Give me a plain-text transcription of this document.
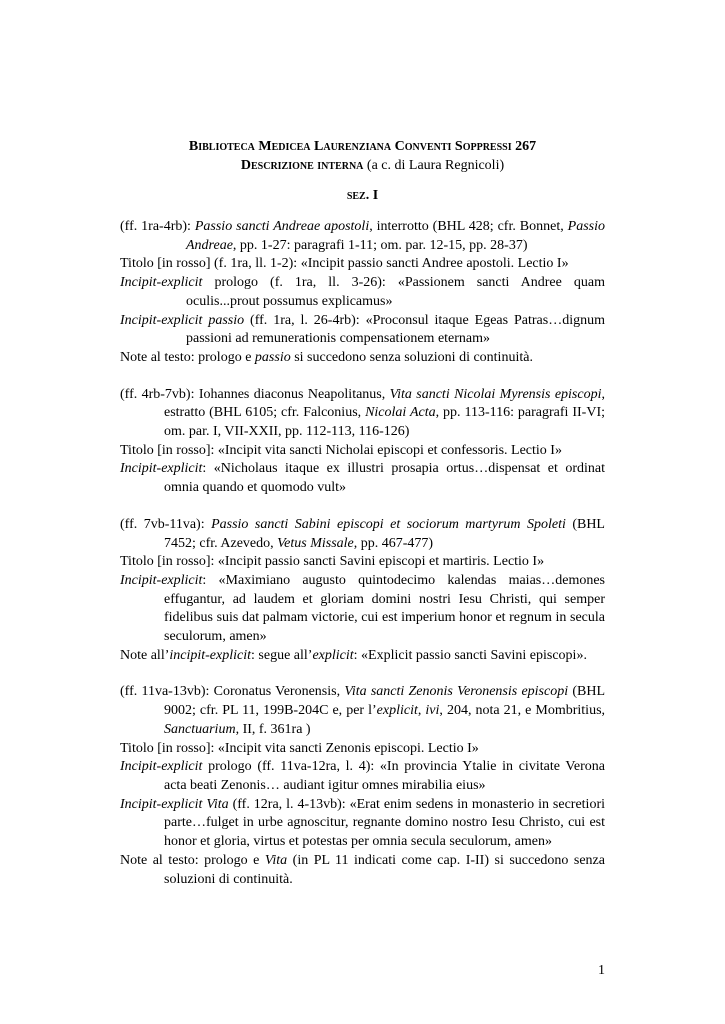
Biblioteca Medicea Laurenziana Conventi Soppressi 267
Descrizione interna (a c. di Laura Regnicoli)
sez. I

(ff. 1ra-4rb): Passio sancti Andreae apostoli, interrotto (BHL 428; cfr. Bonnet, Passio Andreae, pp. 1-27: paragrafi 1-11; om. par. 12-15, pp. 28-37)

Titolo [in rosso] (f. 1ra, ll. 1-2): «Incipit passio sancti Andree apostoli. Lectio I»

Incipit-explicit prologo (f. 1ra, ll. 3-26): «Passionem sancti Andree quam oculis...prout possumus explicamus»

Incipit-explicit passio (ff. 1ra, l. 26-4rb): «Proconsul itaque Egeas Patras…dignum passioni ad remunerationis compensationem eternam»

Note al testo: prologo e passio si succedono senza soluzioni di continuità.

(ff. 4rb-7vb): Iohannes diaconus Neapolitanus, Vita sancti Nicolai Myrensis episcopi, estratto (BHL 6105; cfr. Falconius, Nicolai Acta, pp. 113-116: paragrafi II-VI; om. par. I, VII-XXII, pp. 112-113, 116-126)

Titolo [in rosso]: «Incipit vita sancti Nicholai episcopi et confessoris. Lectio I»

Incipit-explicit: «Nicholaus itaque ex illustri prosapia ortus…dispensat et ordinat omnia quando et quomodo vult»

(ff. 7vb-11va): Passio sancti Sabini episcopi et sociorum martyrum Spoleti (BHL 7452; cfr. Azevedo, Vetus Missale, pp. 467-477)

Titolo [in rosso]: «Incipit passio sancti Savini episcopi et martiris. Lectio I»

Incipit-explicit: «Maximiano augusto quintodecimo kalendas maias…demones effugantur, ad laudem et gloriam domini nostri Iesu Christi, qui semper fidelibus suis dat palmam victorie, cui est imperium honor et regnum in secula seculorum, amen»

Note all’incipit-explicit: segue all’explicit: «Explicit passio sancti Savini episcopi».

(ff. 11va-13vb): Coronatus Veronensis, Vita sancti Zenonis Veronensis episcopi (BHL 9002; cfr. PL 11, 199B-204C e, per l’explicit, ivi, 204, nota 21, e Mombritius, Sanctuarium, II, f. 361ra )

Titolo [in rosso]: «Incipit vita sancti Zenonis episcopi. Lectio I»

Incipit-explicit prologo (ff. 11va-12ra, l. 4): «In provincia Ytalie in civitate Verona acta beati Zenonis… audiant igitur omnes mirabilia eius»

Incipit-explicit Vita (ff. 12ra, l. 4-13vb): «Erat enim sedens in monasterio in secretiori parte…fulget in urbe agnoscitur, regnante domino nostro Iesu Christo, cui est honor et gloria, virtus et potestas per omnia secula seculorum, amen»

Note al testo: prologo e Vita (in PL 11 indicati come cap. I-II) si succedono senza soluzioni di continuità.

1
